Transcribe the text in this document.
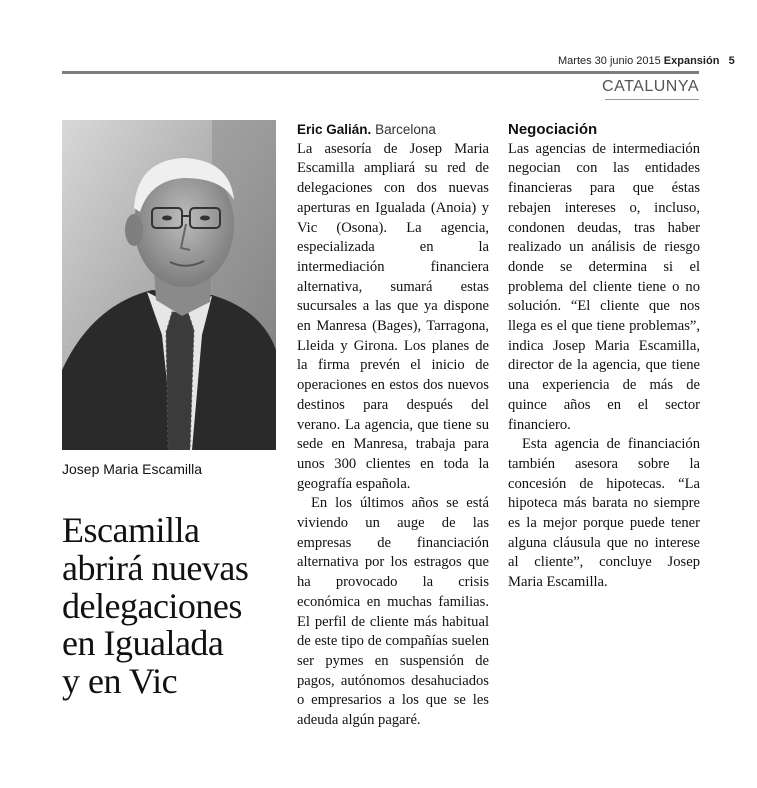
Martes 30 junio 2015 Expansión 5
CATALUNYA
Josep Maria Escamilla
Escamilla
abrirá nuevas
delegaciones
en Igualada
y en Vic
Eric Galián. Barcelona

La asesoría de Josep Maria Escamilla ampliará su red de delegaciones con dos nuevas aperturas en Igualada (Anoia) y Vic (Osona). La agencia, especializada en la intermediación financiera alternativa, sumará estas sucursales a las que ya dispone en Manresa (Bages), Tarragona, Lleida y Girona. Los planes de la firma prevén el inicio de operaciones en estos dos nuevos destinos para después del verano. La agencia, que tiene su sede en Manresa, trabaja para unos 300 clientes en toda la geografía española.

En los últimos años se está viviendo un auge de las empresas de financiación alternativa por los estragos que ha provocado la crisis económica en muchas familias. El perfil de cliente más habitual de este tipo de compañías suelen ser pymes en suspensión de pagos, autónomos desahuciados o empresarios a los que se les adeuda algún pagaré.

Negociación

Las agencias de intermediación negocian con las entidades financieras para que éstas rebajen intereses o, incluso, condonen deudas, tras haber realizado un análisis de riesgo donde se determina si el problema del cliente tiene o no solución. “El cliente que nos llega es el que tiene problemas”, indica Josep Maria Escamilla, director de la agencia, que tiene una experiencia de más de quince años en el sector financiero.

Esta agencia de financiación también asesora sobre la concesión de hipotecas. “La hipoteca más barata no siempre es la mejor porque puede tener alguna cláusula que no interese al cliente”, concluye Josep Maria Escamilla.
